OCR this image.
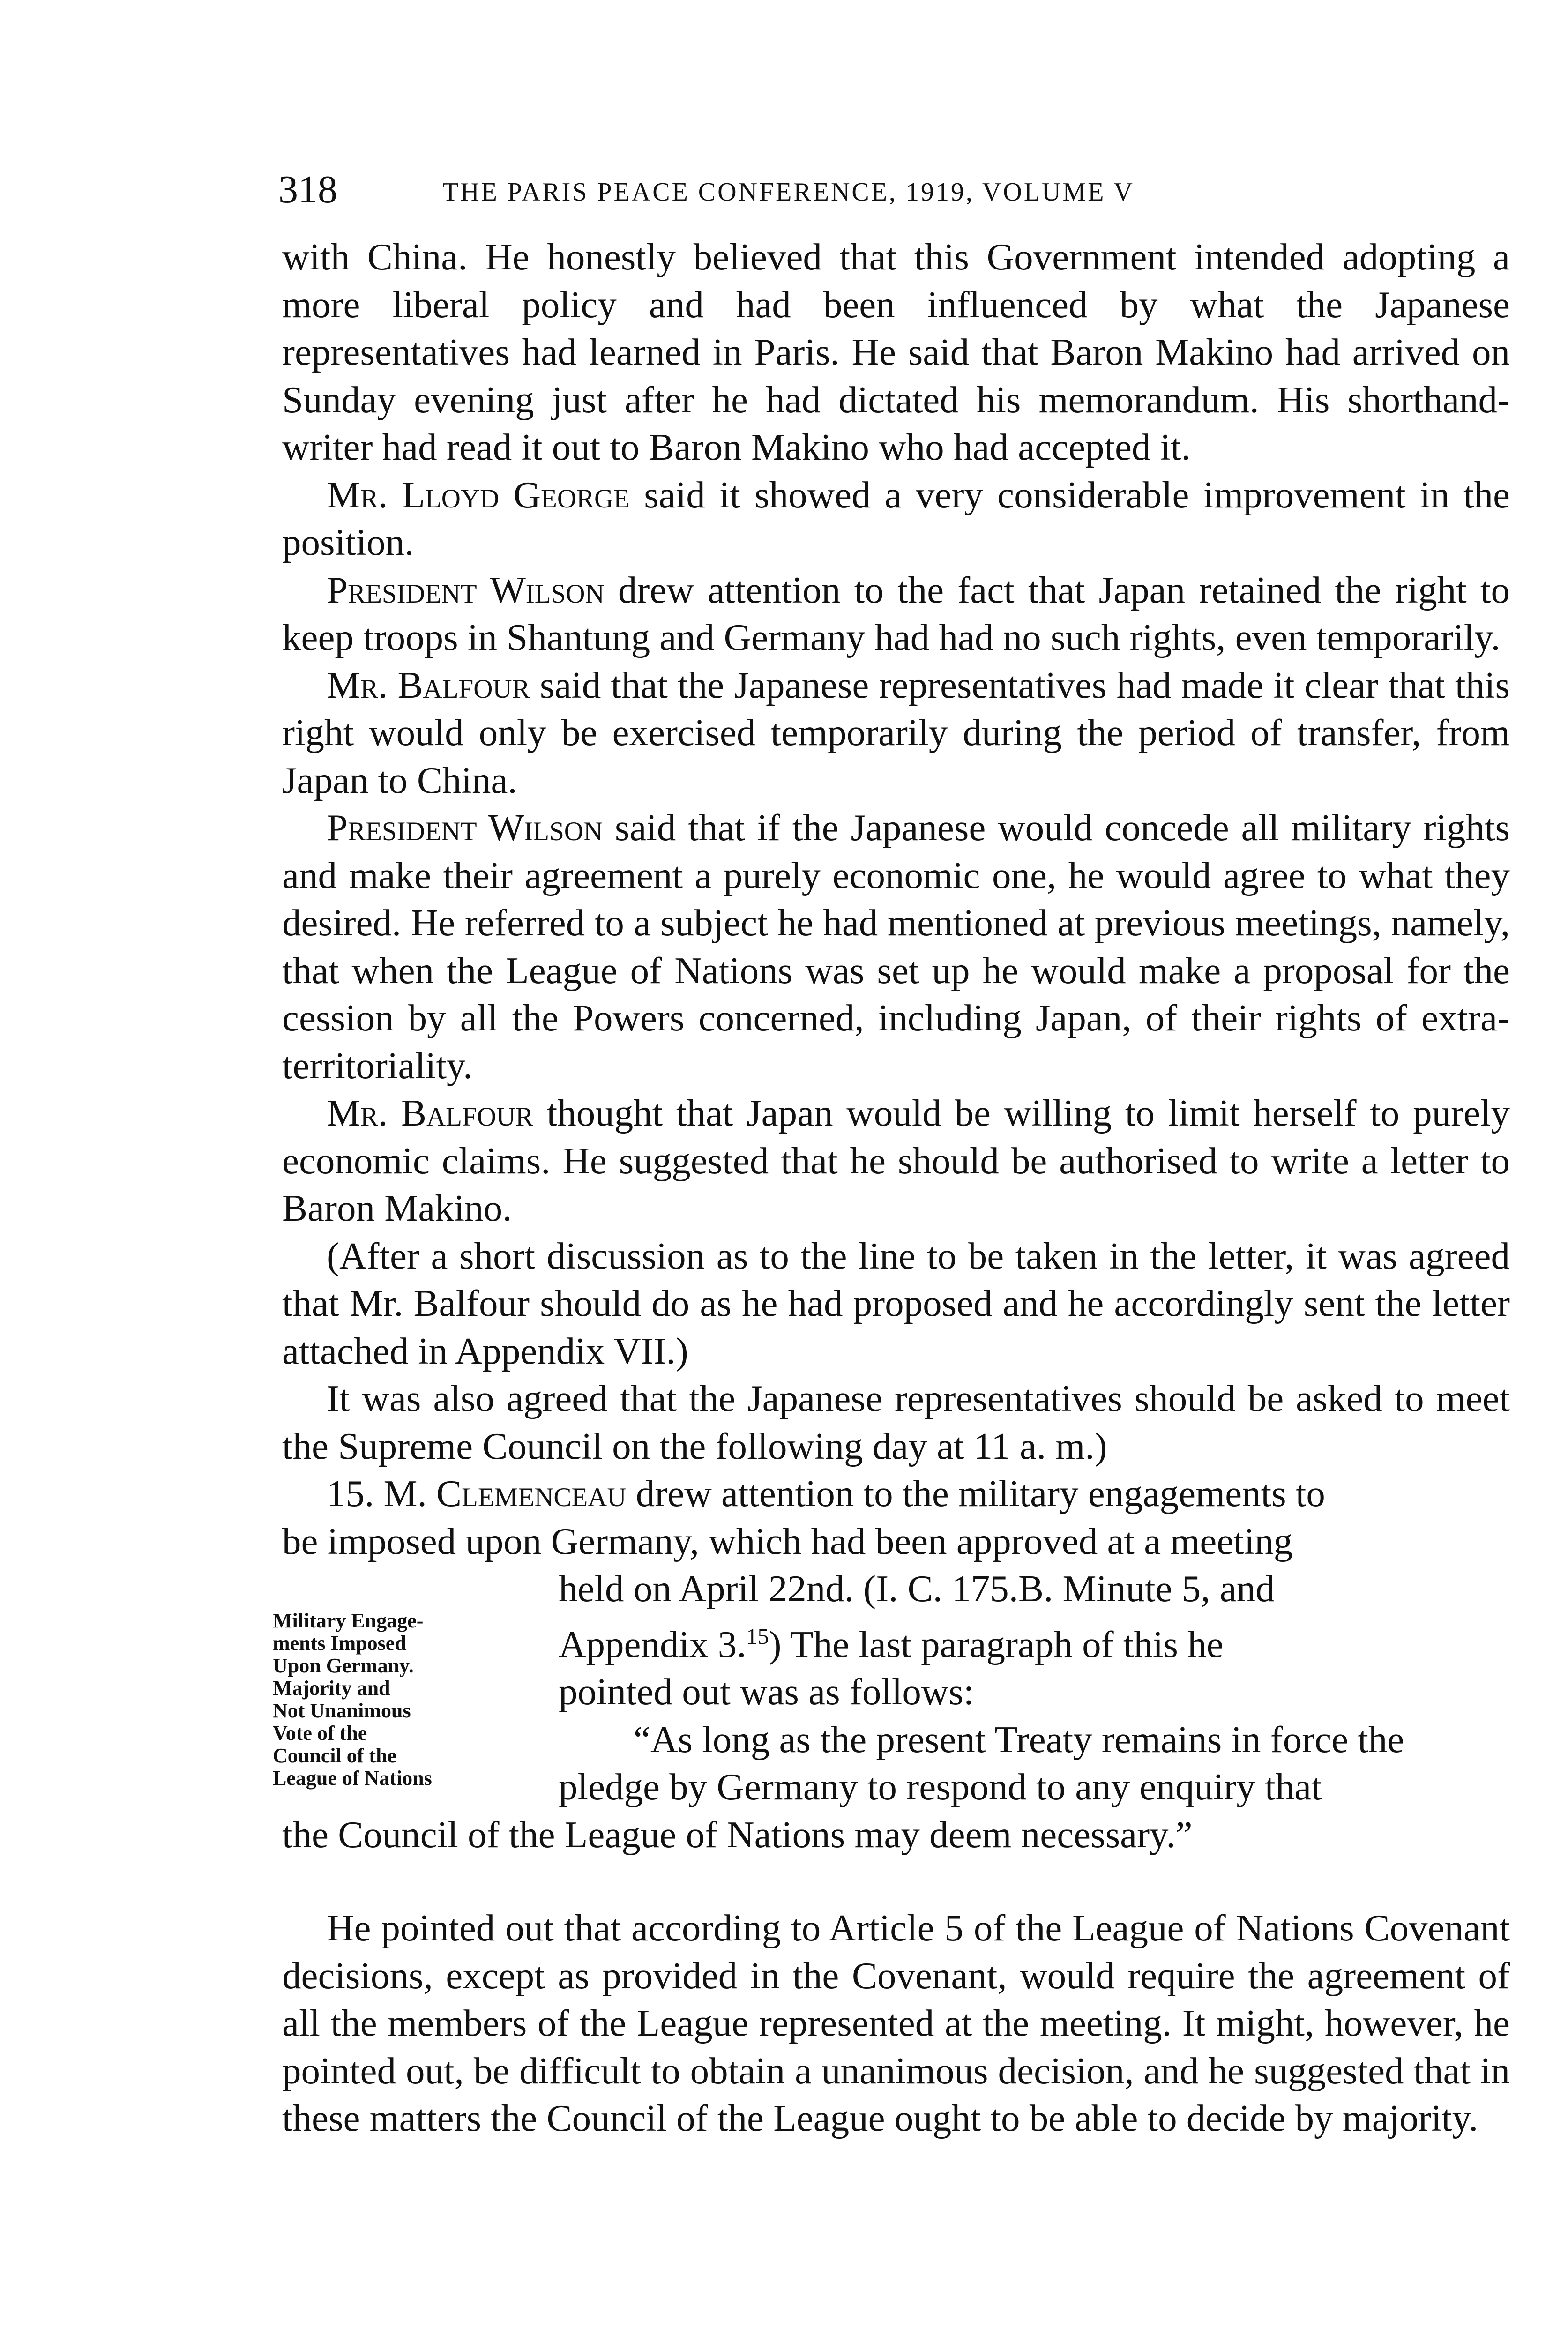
318	THE PARIS PEACE CONFERENCE, 1919, VOLUME V

with China. He honestly believed that this Government intended adopting a more liberal policy and had been influenced by what the Japanese representatives had learned in Paris. He said that Baron Makino had arrived on Sunday evening just after he had dictated his memorandum. His shorthand-writer had read it out to Baron Makino who had accepted it.

Mr. Lloyd George said it showed a very considerable improvement in the position.

President Wilson drew attention to the fact that Japan retained the right to keep troops in Shantung and Germany had had no such rights, even temporarily.

Mr. Balfour said that the Japanese representatives had made it clear that this right would only be exercised temporarily during the period of transfer, from Japan to China.

President Wilson said that if the Japanese would concede all military rights and make their agreement a purely economic one, he would agree to what they desired. He referred to a subject he had mentioned at previous meetings, namely, that when the League of Nations was set up he would make a proposal for the cession by all the Powers concerned, including Japan, of their rights of extra-territoriality.

Mr. Balfour thought that Japan would be willing to limit herself to purely economic claims. He suggested that he should be authorised to write a letter to Baron Makino.

(After a short discussion as to the line to be taken in the letter, it was agreed that Mr. Balfour should do as he had proposed and he accordingly sent the letter attached in Appendix VII.)

It was also agreed that the Japanese representatives should be asked to meet the Supreme Council on the following day at 11 a. m.)

15. M. Clemenceau drew attention to the military engagements to

be imposed upon Germany, which had been approved at a meeting

Military Engage-
ments Imposed
Upon Germany.
Majority and
Not Unanimous
Vote of the
Council of the
League of Nations

held on April 22nd. (I. C. 175.B. Minute 5, and

Appendix 3.15) The last paragraph of this he

pointed out was as follows:

“As long as the present Treaty remains in force the

pledge by Germany to respond to any enquiry that

the Council of the League of Nations may deem necessary.”

He pointed out that according to Article 5 of the League of Nations Covenant decisions, except as provided in the Covenant, would require the agreement of all the members of the League represented at the meeting. It might, however, he pointed out, be difficult to obtain a unanimous decision, and he suggested that in these matters the Council of the League ought to be able to decide by majority.
